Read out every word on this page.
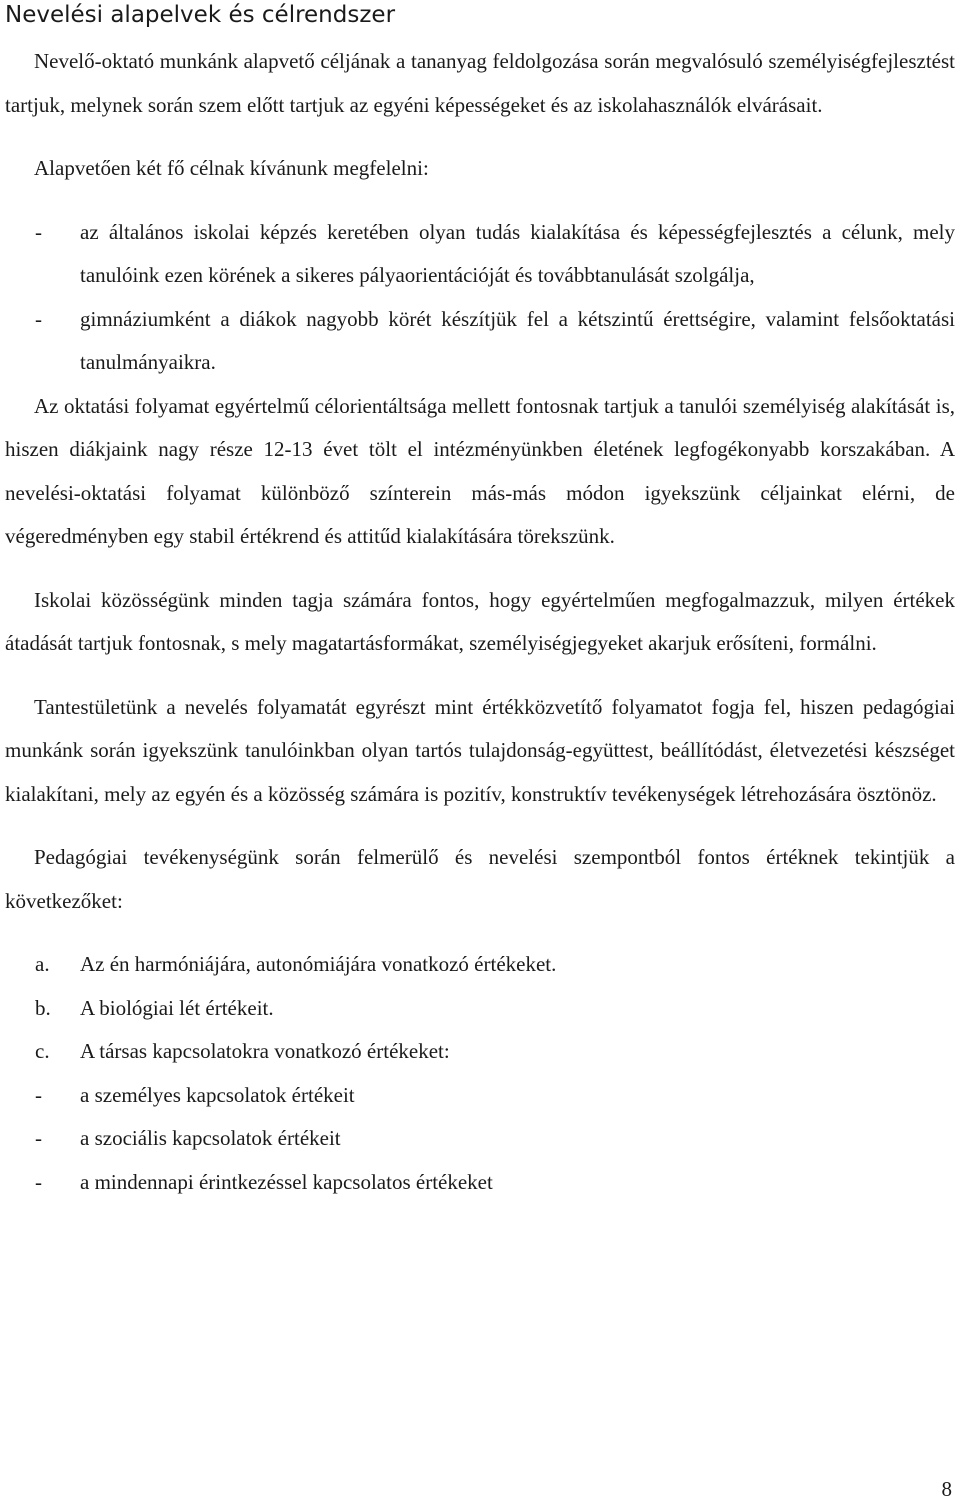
Nevelési alapelvek és célrendszer

Nevelő-oktató munkánk alapvető céljának a tananyag feldolgozása során megvalósuló személyiségfejlesztést tartjuk, melynek során szem előtt tartjuk az egyéni képességeket és az iskolahasználók elvárásait.

Alapvetően két fő célnak kívánunk megfelelni:

-	az általános iskolai képzés keretében olyan tudás kialakítása és képességfejlesztés a célunk, mely tanulóink ezen körének a sikeres pályaorientációját és továbbtanulását szolgálja,
-	gimnáziumként a diákok nagyobb körét készítjük fel a kétszintű érettségire, valamint felsőoktatási tanulmányaikra.

Az oktatási folyamat egyértelmű célorientáltsága mellett fontosnak tartjuk a tanulói személyiség alakítását is, hiszen diákjaink nagy része 12-13 évet tölt el intézményünkben életének legfogékonyabb korszakában. A nevelési-oktatási folyamat különböző színterein más-más módon igyekszünk céljainkat elérni, de végeredményben egy stabil értékrend és attitűd kialakítására törekszünk.

Iskolai közösségünk minden tagja számára fontos, hogy egyértelműen megfogalmazzuk, milyen értékek átadását tartjuk fontosnak, s mely magatartásformákat, személyiségjegyeket akarjuk erősíteni, formálni.

Tantestületünk a nevelés folyamatát egyrészt mint értékközvetítő folyamatot fogja fel, hiszen pedagógiai munkánk során igyekszünk tanulóinkban olyan tartós tulajdonság-együttest, beállítódást, életvezetési készséget kialakítani, mely az egyén és a közösség számára is pozitív, konstruktív tevékenységek létrehozására ösztönöz.

Pedagógiai tevékenységünk során felmerülő és nevelési szempontból fontos értéknek tekintjük a következőket:

a.	Az én harmóniájára, autonómiájára vonatkozó értékeket.
b.	A biológiai lét értékeit.
c.	A társas kapcsolatokra vonatkozó értékeket:
-	a személyes kapcsolatok értékeit
-	a szociális kapcsolatok értékeit
-	a mindennapi érintkezéssel kapcsolatos értékeket
8
